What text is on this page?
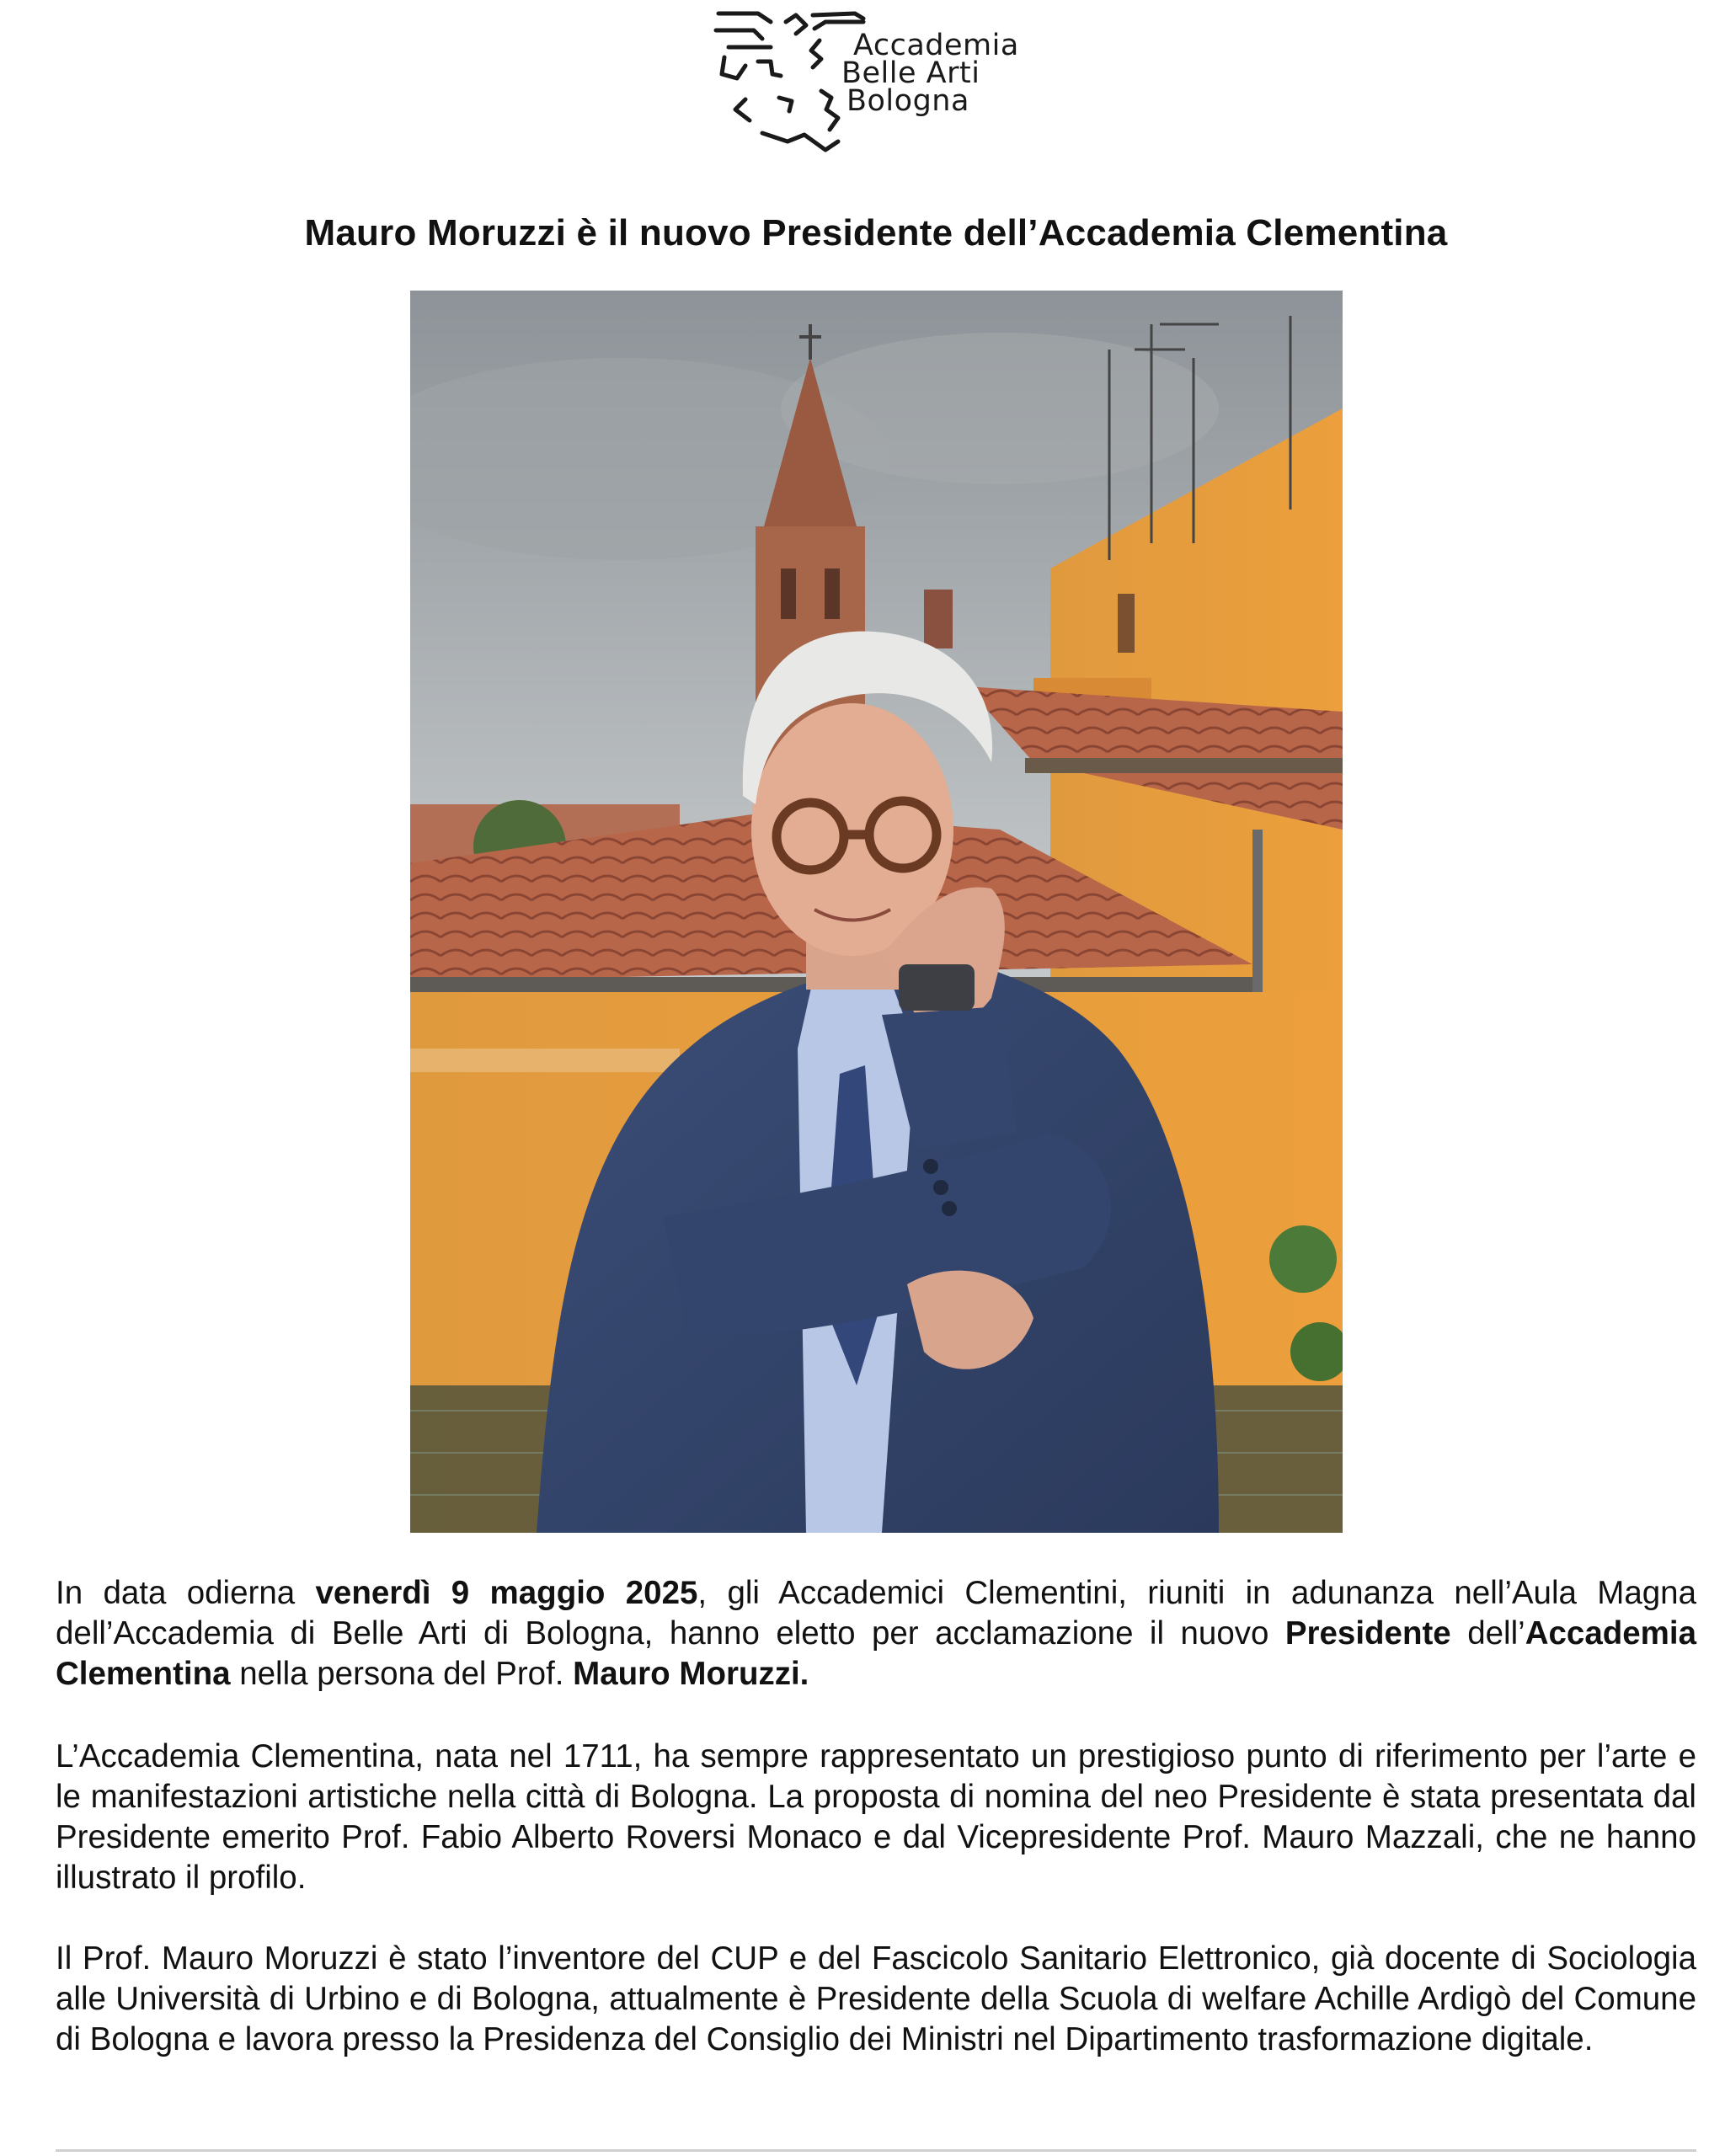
Accademia
Belle Arti
Bologna
Mauro Moruzzi è il nuovo Presidente dell’Accademia Clementina

In data odierna venerdì 9 maggio 2025, gli Accademici Clementini, riuniti in adunanza nell’Aula Magna dell’Accademia di Belle Arti di Bologna, hanno eletto per acclamazione il nuovo Presidente dell’Accademia Clementina nella persona del Prof. Mauro Moruzzi.

L’Accademia Clementina, nata nel 1711, ha sempre rappresentato un prestigioso punto di riferimento per l’arte e le manifestazioni artistiche nella città di Bologna. La proposta di nomina del neo Presidente è stata presentata dal Presidente emerito Prof. Fabio Alberto Roversi Monaco e dal Vicepresidente Prof. Mauro Mazzali, che ne hanno illustrato il profilo.

Il Prof. Mauro Moruzzi è stato l’inventore del CUP e del Fascicolo Sanitario Elettronico, già docente di Sociologia alle Università di Urbino e di Bologna, attualmente è Presidente della Scuola di welfare Achille Ardigò del Comune di Bologna e lavora presso la Presidenza del Consiglio dei Ministri nel Dipartimento trasformazione digitale.
